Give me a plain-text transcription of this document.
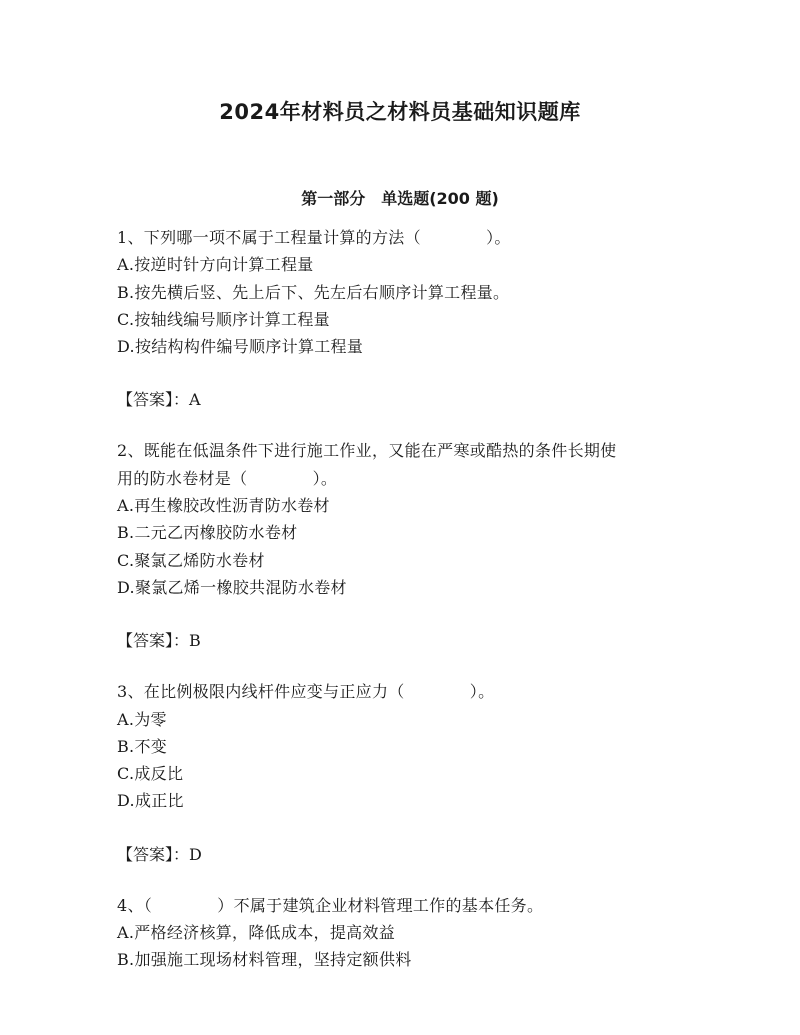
2024年材料员之材料员基础知识题库
第一部分　单选题(200 题)
1、下列哪一项不属于工程量计算的方法（　　　　）。
A.按逆时针方向计算工程量
B.按先横后竖、先上后下、先左后右顺序计算工程量。
C.按轴线编号顺序计算工程量
D.按结构构件编号顺序计算工程量
【答案】：A
2、既能在低温条件下进行施工作业，又能在严寒或酷热的条件长期使
用的防水卷材是（　　　　）。
A.再生橡胶改性沥青防水卷材
B.二元乙丙橡胶防水卷材
C.聚氯乙烯防水卷材
D.聚氯乙烯一橡胶共混防水卷材
【答案】：B
3、在比例极限内线杆件应变与正应力（　　　　）。
A.为零
B.不变
C.成反比
D.成正比
【答案】：D
4、（　　　　）不属于建筑企业材料管理工作的基本任务。
A.严格经济核算，降低成本，提高效益
B.加强施工现场材料管理，坚持定额供料
